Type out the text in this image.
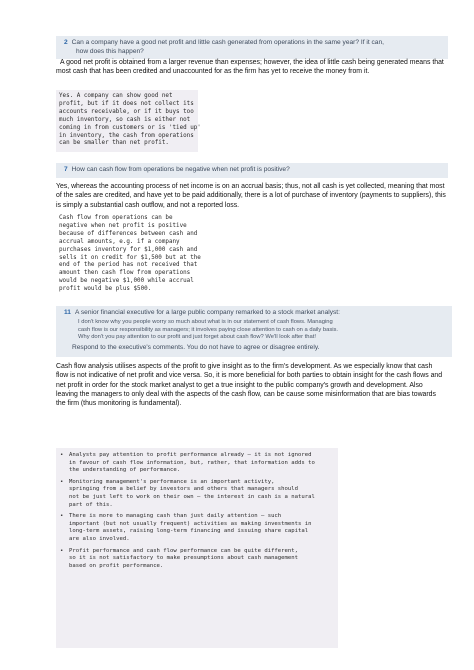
2 Can a company have a good net profit and little cash generated from operations in the same year? If it can,
how does this happen?
A good net profit is obtained from a larger revenue than expenses; however, the idea of little cash being generated means that most cash that has been credited and unaccounted for as the firm has yet to receive the money from it.
Yes. A company can show good net
profit, but if it does not collect its
accounts receivable, or if it buys too
much inventory, so cash is either not
coming in from customers or is 'tied up'
in inventory, the cash from operations
can be smaller than net profit.
7 How can cash flow from operations be negative when net profit is positive?
Yes, whereas the accounting process of net income is on an accrual basis; thus, not all cash is yet collected, meaning that most of the sales are credited, and have yet to be paid additionally, there is a lot of purchase of inventory (payments to suppliers), this is simply a substantial cash outflow, and not a reported loss.
Cash flow from operations can be
negative when net profit is positive
because of differences between cash and
accrual amounts, e.g. if a company
purchases inventory for $1,000 cash and
sells it on credit for $1,500 but at the
end of the period has not received that
amount then cash flow from operations
would be negative $1,000 while accrual
profit would be plus $500.
11 A senior financial executive for a large public company remarked to a stock market analyst:
I don't know why you people worry so much about what is in our statement of cash flows. Managing
cash flow is our responsibility as managers; it involves paying close attention to cash on a daily basis.
Why don't you pay attention to our profit and just forget about cash flow? We'll look after that!
Respond to the executive's comments. You do not have to agree or disagree entirely.
Cash flow analysis utilises aspects of the profit to give insight as to the firm's development. As we especially know that cash flow is not indicative of net profit and vice versa. So, it is more beneficial for both parties to obtain insight for the cash flows and net profit in order for the stock market analyst to get a true insight to the public company's growth and development. Also leaving the managers to only deal with the aspects of the cash flow, can be cause some misinformation that are bias towards the firm (thus monitoring is fundamental).
•	Analysts pay attention to profit performance already – it is not ignored
in favour of cash flow information, but, rather, that information adds to
the understanding of performance.
•	Monitoring management's performance is an important activity,
springing from a belief by investors and others that managers should
not be just left to work on their own – the interest in cash is a natural
part of this.
•	There is more to managing cash than just daily attention – such
important (but not usually frequent) activities as making investments in
long-term assets, raising long-term financing and issuing share capital
are also involved.
•	Profit performance and cash flow performance can be quite different,
so it is not satisfactory to make presumptions about cash management
based on profit performance.
